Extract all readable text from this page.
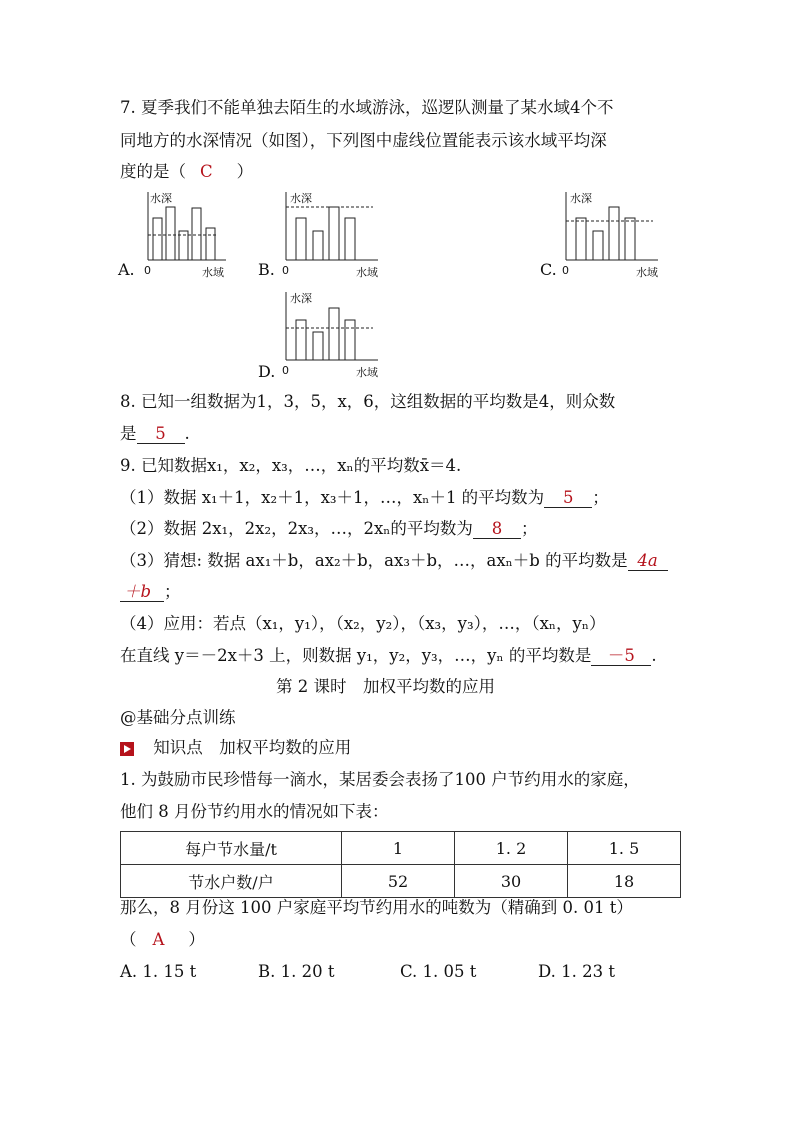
7. 夏季我们不能单独去陌生的水域游泳，巡逻队测量了某水域4个不
同地方的水深情况（如图），下列图中虚线位置能表示该水域平均深
度的是（ C ）
A.
水深
0	水域 B.
水深
0	水域	C.
水深
0	水域
D.
水深
0	水域
8. 已知一组数据为1，3，5，x，6，这组数据的平均数是4，则众数
是 5 .
9. 已知数据x₁，x₂，x₃，…，xₙ的平均数x̄＝4.
（1）数据 x₁＋1，x₂＋1，x₃＋1，…，xₙ＋1 的平均数为 5 ；
（2）数据 2x₁，2x₂，2x₃，…，2xₙ的平均数为 8 ；
（3）猜想: 数据 ax₁＋b，ax₂＋b，ax₃＋b，…，axₙ＋b 的平均数是 4a
＋b ；
（4）应用：若点（x₁，y₁），（x₂，y₂），（x₃，y₃），…，（xₙ，yₙ）
在直线 y＝－2x＋3 上，则数据 y₁，y₂，y₃，…，yₙ 的平均数是 －5 .
第 2 课时　加权平均数的应用
@基础分点训练
知识点　加权平均数的应用
1. 为鼓励市民珍惜每一滴水，某居委会表扬了100 户节约用水的家庭，
他们 8 月份节约用水的情况如下表：
每户节水量/t	1	1. 2	1. 5
节水户数/户	52	30	18
那么，8 月份这 100 户家庭平均节约用水的吨数为（精确到 0. 01 t）
（ A ）
A. 1. 15 t	B. 1. 20 t	C. 1. 05 t	D. 1. 23 t
